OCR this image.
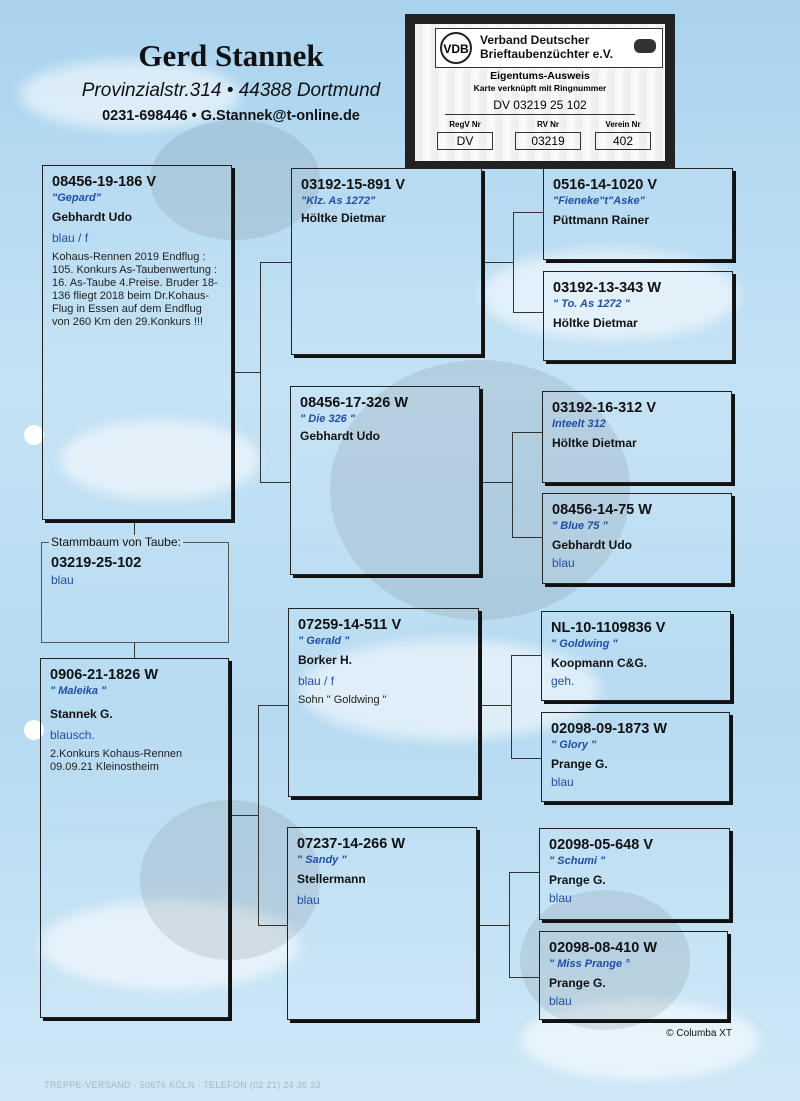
Gerd Stannek
Provinzialstr.314 • 44388 Dortmund
0231-698446 • G.Stannek@t-online.de
VDB
Verband Deutscher
Brieftaubenzüchter e.V.
Eigentums-Ausweis
Karte verknüpft mit Ringnummer
DV 03219 25 102
RegV Nr
DV
RV Nr
03219
Verein Nr
402
08456-19-186 V
"Gepard"
Gebhardt Udo
blau / f
Kohaus-Rennen 2019 Endflug : 105. Konkurs As-Taubenwertung : 16. As-Taube 4.Preise. Bruder 18-136 fliegt 2018 beim Dr.Kohaus-Flug in Essen auf dem Endflug von 260 Km den 29.Konkurs !!!
03219-25-102
blau
Stammbaum von Taube:
0906-21-1826 W
" Maleika "
Stannek G.
blausch.
2.Konkurs Kohaus-Rennen 09.09.21 Kleinostheim
03192-15-891 V
"Klz. As 1272"
Höltke Dietmar
08456-17-326 W
" Die 326 "
Gebhardt Udo
07259-14-511 V
" Gerald "
Borker H.
blau / f
Sohn " Goldwing "
07237-14-266 W
" Sandy "
Stellermann
blau
0516-14-1020 V
"Fieneke"t"Aske"
Püttmann Rainer
03192-13-343 W
" To. As 1272 "
Höltke Dietmar
03192-16-312 V
Inteelt 312
Höltke Dietmar
08456-14-75 W
" Blue 75 "
Gebhardt Udo
blau
NL-10-1109836 V
" Goldwing "
Koopmann C&G.
geh.
02098-09-1873 W
" Glory "
Prange G.
blau
02098-05-648 V
" Schumi "
Prange G.
blau
02098-08-410 W
" Miss Prange °
Prange G.
blau
© Columba XT
TREPPE-VERSAND · 50676 KÖLN · TELEFON (02 21) 24 36 33
